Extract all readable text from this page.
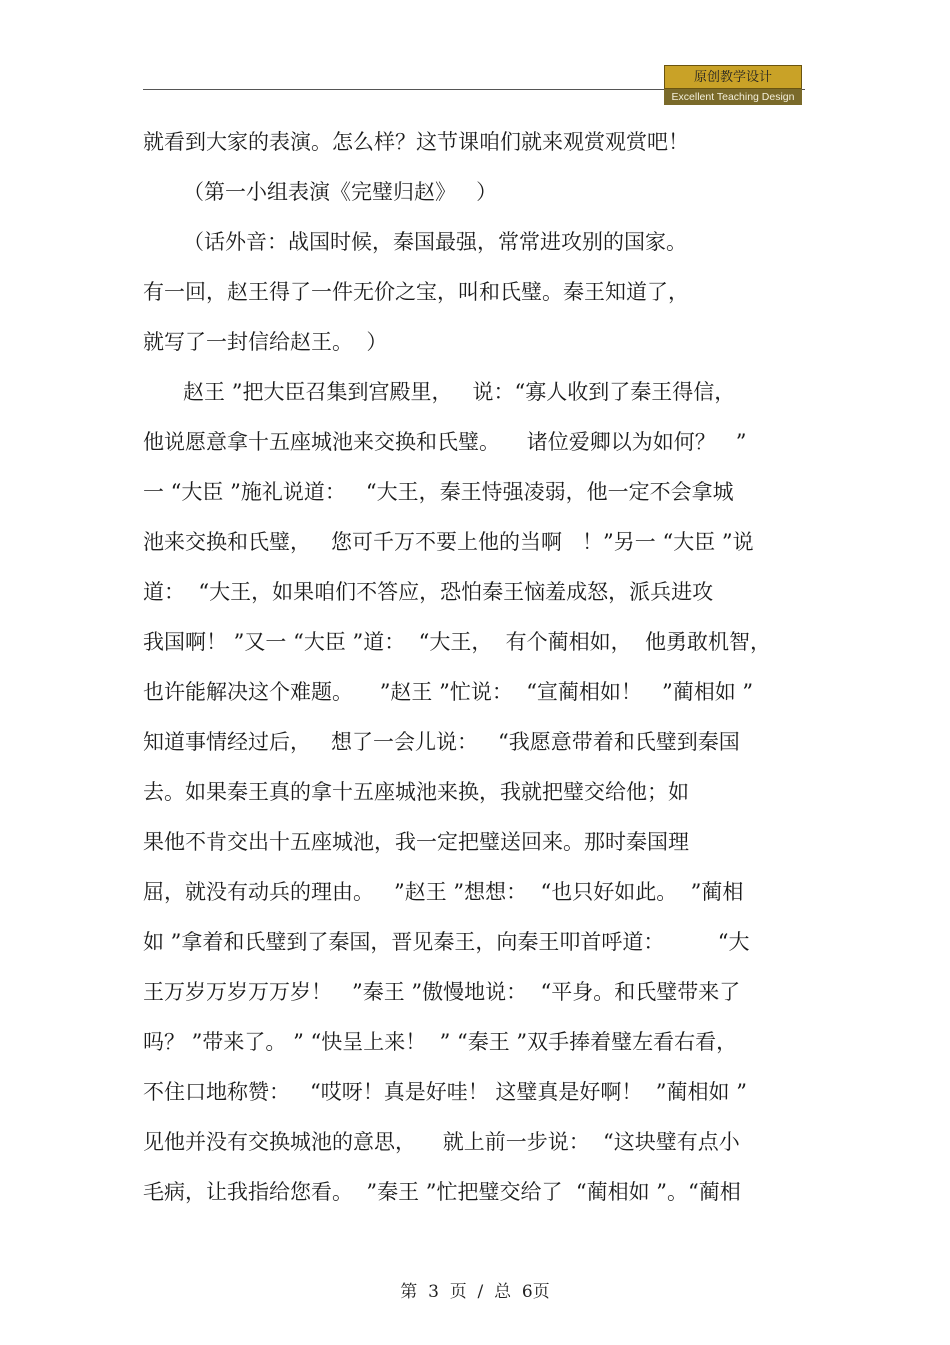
原创教学设计
Excellent Teaching Design
就看到大家的表演。怎么样？这节课咱们就来观赏观赏吧！
（第一小组表演《完璧归赵》   ）
（话外音：战国时候，秦国最强，常常进攻别的国家。
有一回，赵王得了一件无价之宝，叫和氏璧。秦王知道了，
就写了一封信给赵王。  ）
赵王 ”把大臣召集到宫殿里，   说：“寡人收到了秦王得信，
他说愿意拿十五座城池来交换和氏璧。    诸位爱卿以为如何？   ”
一 “大臣 ”施礼说道：   “大王，秦王恃强凌弱，他一定不会拿城
池来交换和氏璧，   您可千万不要上他的当啊   ！”另一 “大臣 ”说
道：  “大王，如果咱们不答应，恐怕秦王恼羞成怒，派兵进攻
我国啊！ ”又一 “大臣 ”道：  “大王，  有个蔺相如，  他勇敢机智，
也许能解决这个难题。    ”赵王 ”忙说：  “宣蔺相如！   ”蔺相如 ”
知道事情经过后，   想了一会儿说：   “我愿意带着和氏璧到秦国
去。如果秦王真的拿十五座城池来换，我就把璧交给他；如
果他不肯交出十五座城池，我一定把璧送回来。那时秦国理
屈，就没有动兵的理由。   ”赵王 ”想想：  “也只好如此。  ”蔺相
如 ”拿着和氏璧到了秦国，晋见秦王，向秦王叩首呼道：        “大
王万岁万岁万万岁！   ”秦王 ”傲慢地说：  “平身。和氏璧带来了
吗？ ”带来了。 ” “快呈上来！  ” “秦王 ”双手捧着璧左看右看，
不住口地称赞：   “哎呀！真是好哇！ 这璧真是好啊！  ”蔺相如 ”
见他并没有交换城池的意思，    就上前一步说：  “这块璧有点小
毛病，让我指给您看。  ”秦王 ”忙把璧交给了  “蔺相如 ”。“蔺相
第  3  页  /  总  6页
